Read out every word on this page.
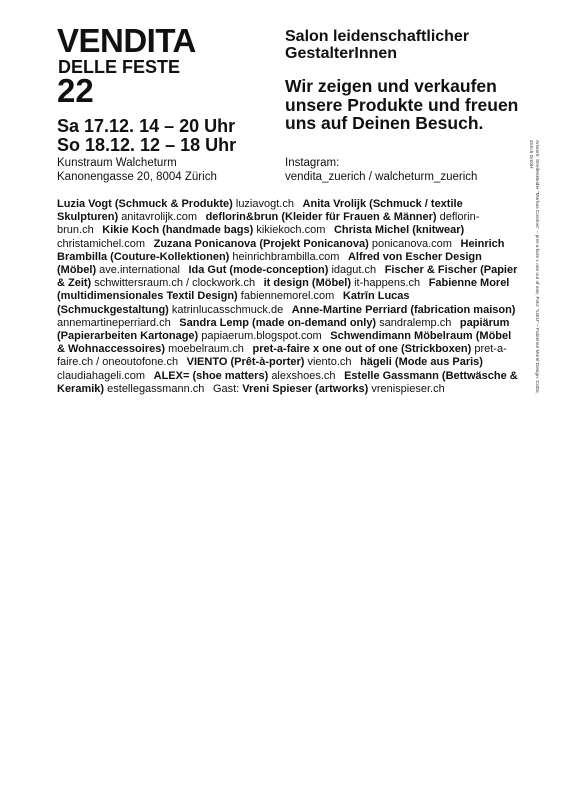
VENDITA
DELLE FESTE
22
Salon leidenschaftlicher GestalterInnen
Wir zeigen und verkaufen unsere Produkte und freuen uns auf Deinen Besuch.
Sa 17.12. 14 – 20 Uhr
So 18.12. 12 – 18 Uhr
Kunstraum Walcheturm
Kanonengasse 20, 8004 Zürich
Instagram:
vendita_zuerich / walcheturm_zuerich
Luzia Vogt (Schmuck & Produkte) luziavogt.ch  Anita Vrolijk (Schmuck / textile Skulpturen) anitavrolijk.com  deflorin&brun (Kleider für Frauen & Männer) deflorin-brun.ch  Kikie Koch (handmade bags) kikiekoch.com  Christa Michel (knitwear) christamichel.com  Zuzana Ponicanova (Projekt Ponicanova) ponicanova.com  Heinrich Brambilla (Couture-Kollektionen) heinrichbrambilla.com  Alfred von Escher Design (Möbel) ave.international  Ida Gut (mode-conception) idagut.ch  Fischer & Fischer (Papier & Zeit) schwittersraum.ch / clockwork.ch  it design (Möbel) it-happens.ch  Fabienne Morel (multidimensionales Textil Design) fabiennemorel.com  Katrīn Lucas (Schmuckgestaltung) katrinlucasschmuck.de  Anne-Martine Perriard (fabrication maison) annemartineperriard.ch  Sandra Lemp (made on-demand only) sandralemp.ch  papiärum (Papierarbeiten Kartonage) papiaerum.blogspot.com  Schwendimann Möbelraum (Möbel & Wohnaccessoires) moebelraum.ch  pret-a-faire x one out of one (Strickboxen) pret-a-faire.ch / oneoutofone.ch  VIENTO (Prêt-à-porter) viento.ch  hägeli (Mode aus Paris) claudiahageli.com  ALEX= (shoe matters) alexshoes.ch  Estelle Gassmann (Bettwäsche & Keramik) estellegassmann.ch  Gast: Vreni Spieser (artworks) vrenispieser.ch	Artwork: Streifenkleider "Morbus Cosmos" – pret-a-faire x one out of one, Foto: "LIEU" – Fabienne Morel Design: CoDe, Zürich GmbH
